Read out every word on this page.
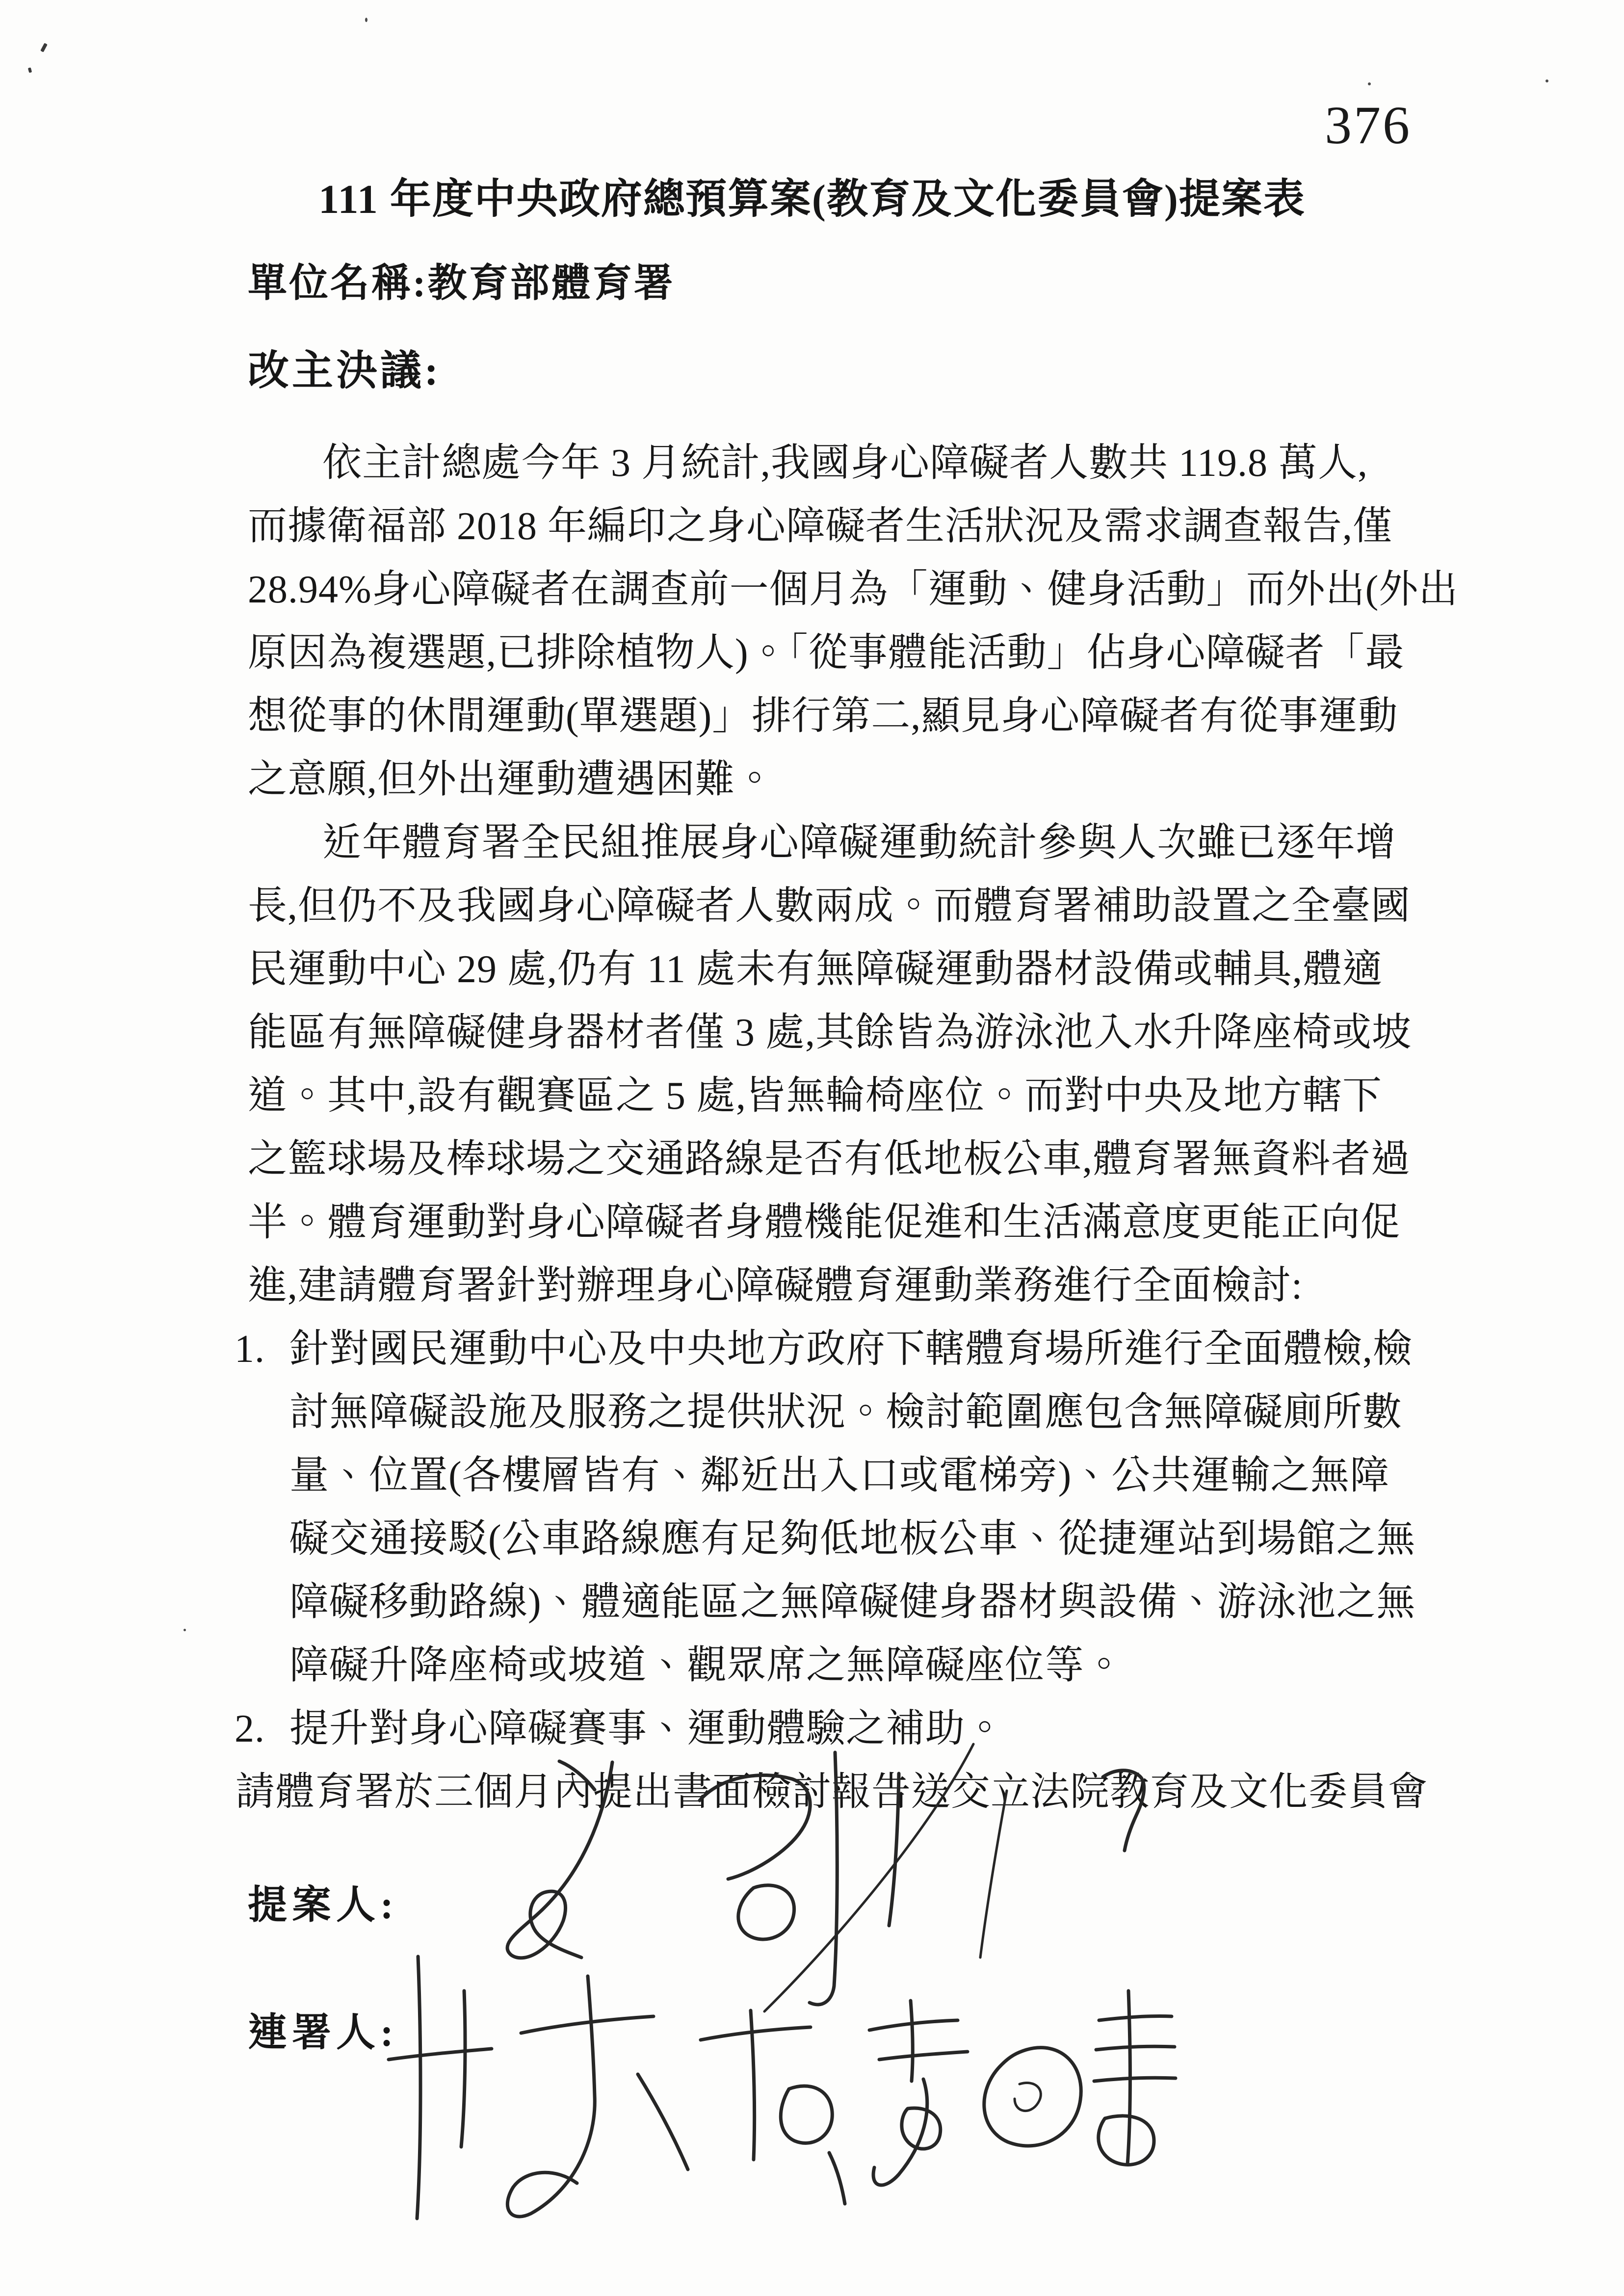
376
111 年度中央政府總預算案(教育及文化委員會)提案表
單位名稱:教育部體育署
改主決議:
依主計總處今年 3 月統計,我國身心障礙者人數共 119.8 萬人,
而據衛福部 2018 年編印之身心障礙者生活狀況及需求調查報告,僅
28.94%身心障礙者在調查前一個月為「運動、健身活動」而外出(外出
原因為複選題,已排除植物人)。「從事體能活動」佔身心障礙者「最
想從事的休閒運動(單選題)」排行第二,顯見身心障礙者有從事運動
之意願,但外出運動遭遇困難。
近年體育署全民組推展身心障礙運動統計參與人次雖已逐年增
長,但仍不及我國身心障礙者人數兩成。而體育署補助設置之全臺國
民運動中心 29 處,仍有 11 處未有無障礙運動器材設備或輔具,體適
能區有無障礙健身器材者僅 3 處,其餘皆為游泳池入水升降座椅或坡
道。其中,設有觀賽區之 5 處,皆無輪椅座位。而對中央及地方轄下
之籃球場及棒球場之交通路線是否有低地板公車,體育署無資料者過
半。體育運動對身心障礙者身體機能促進和生活滿意度更能正向促
進,建請體育署針對辦理身心障礙體育運動業務進行全面檢討:
1. 針對國民運動中心及中央地方政府下轄體育場所進行全面體檢,檢
討無障礙設施及服務之提供狀況。檢討範圍應包含無障礙廁所數
量、位置(各樓層皆有、鄰近出入口或電梯旁)、公共運輸之無障
礙交通接駁(公車路線應有足夠低地板公車、從捷運站到場館之無
障礙移動路線)、體適能區之無障礙健身器材與設備、游泳池之無
障礙升降座椅或坡道、觀眾席之無障礙座位等。
2. 提升對身心障礙賽事、運動體驗之補助。
請體育署於三個月內提出書面檢討報告送交立法院教育及文化委員會
提案人:
連署人:
